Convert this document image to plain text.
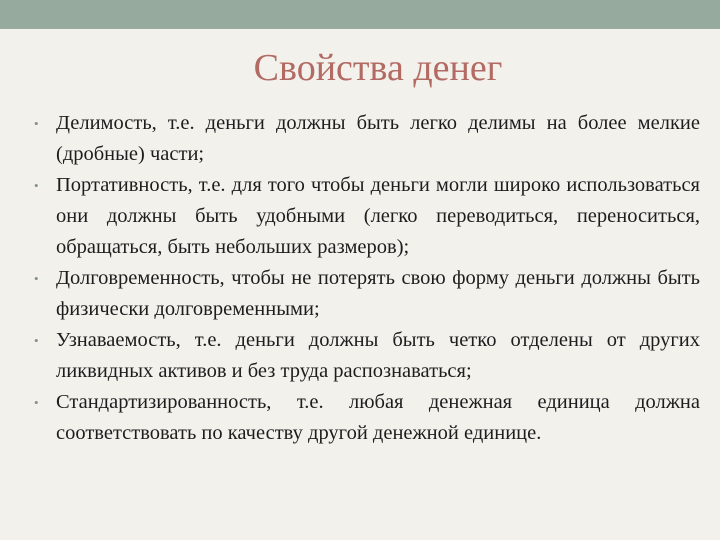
Свойства денег
• Делимость, т.е. деньги должны быть легко делимы на более мелкие (дробные) части;
• Портативность, т.е. для того чтобы деньги могли широко использоваться они должны быть удобными (легко переводиться, переноситься, обращаться, быть небольших размеров);
• Долговременность, чтобы не потерять свою форму деньги должны быть физически долговременными;
• Узнаваемость, т.е. деньги должны быть четко отделены от других ликвидных активов и без труда распознаваться;
• Стандартизированность, т.е. любая денежная единица должна соответствовать по качеству другой денежной единице.
